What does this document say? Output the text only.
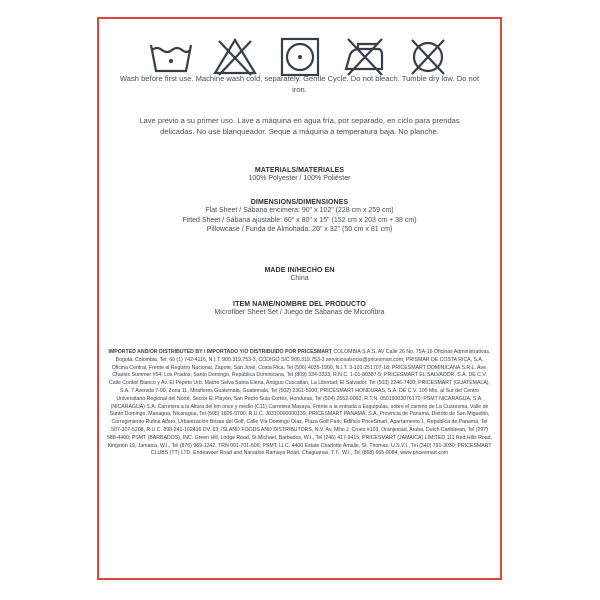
Wash before first use. Machine wash cold, separately. Gentle Cycle. Do not bleach. Tumble dry low. Do not iron.
Lave previo a su primer uso. Lave a máquina en agua fría, por separado, en ciclo para prendas delicadas. No use blanqueador. Seque a máquina a temperatura baja. No planche.
MATERIALS/MATERIALES
100% Polyester / 100% Poliéster
DIMENSIONS/DIMENSIONES
Flat Sheet / Sábana encimera: 90" x 102" (228 cm x 259 cm)
Fitted Sheet / Sábana ajustable: 60" x 80" x 15" (152 cm x 203 cm + 38 cm)
Pillowcase / Funda de Almohada: 20" x 32" (50 cm x 81 cm)
MADE IN/HECHO EN
China
ITEM NAME/NOMBRE DEL PRODUCTO
Microfiber Sheet Set / Juego de Sábanas de Microfibra
IMPORTED AND/OR DISTRIBUTED BY / IMPORTADO Y/O DISTRIBUIDO POR PRICESMART COLOMBIA S.A.S. AV Calle 26 No. 75A-16 Oficinas Administrativas, Bogotá, Colombia, Tel: 60 (1) 742-4116, N.I.T. 900.319.753-3, CÓDIGO SIC 900.319.753-3 serviciosalsocio@pricesmart.com; PRISMAR DE COSTA RICA, S.A. Oficina Central, Frente al Registro Nacional, Zapote, San José, Costa Rica, Tel (506) 4035-1900, N.I.T. 3-101-251707-18; PRICESMART DOMINICANA S.R.L. Ave. Charles Summer #54, Los Prados, Santo Domingo, República Dominicana, Tel (809) 334-3333, R.N.C. 1-01-80387-5; PRICESMART EL SALVADOR, S.A. DE C.V. Calle Conkel Blanco y Av. El Pepeto Urb. Madre Selva Santa Elena, Antiguo Cuscatlán, La Libertad, El Salvador, Tel (503) 2246-7400; PRICESMART (GUATEMALA), S.A. 7 Avenida 7-90, Zona 11, Miraflores Guatemala, Guatemala, Tel (502) 2361-5000; PRICESMART HONDURAS, S.A. DE C.V. 100 Mts. al Sur del Centro Universitario Regional del Norte, Sector El Playón, San Pedro Sula Cortés, Honduras, Tel (504) 2552-0092, R.T.N. 05019003076170; PSMT NICARAGUA, S.A. (NICARAGUA) S.A. Carretera a la Altura del km once y medio (C11) Carretera Masaya, Frente a la entrada a Esquipulas, sobre el camino de La Cuaresma, Valle de Santo Domingo, Managua, Nicaragua, Tel (505) 1826-9700, R.U.C. J0310000000139; PRICESMART PANAMÁ, S.A. Provincia de Panamá, Distrito de San Miguelito, Corregimiento Rufina Alfaro, Urbanización Brisas del Golf, Calle Vía Domingo Díaz, Plaza Golf Park, Edificio PriceSmart, Apartamento 1, República de Panamá, Tel 507-307-5208, R.U.C. 898-241-102416 DV. 63; ISLAND FOODS AND DISTRIBUTORS, N.V. Av. Milio J. Croes #103, Oranjestad, Aruba, Dutch Caribbean, Tel (297) 588-4400; PSMT (BARBADOS), INC. Green Hill, Lodge Road, St.Michael, Barbados, W.I., Tel (246) 417-9415; PRICESMART (JAMAICA) LIMITED 111 Red Hills Road, Kingston 19, Jamaica, W.I., Tel (876) 969-1242, TRN 001-701-606; PSMT, LLC. 4400 Estate Charlotte Amalie, St. Thomas, U.S.V.I., Tel (340) 791-3030; PRICESMART CLUBS (TT) LTD. Endeavour Road and Narsaloo Ramaya Road, Chaguanas, T.T., W.I., Tel (868) 665-9084, www.pricesmart.com
